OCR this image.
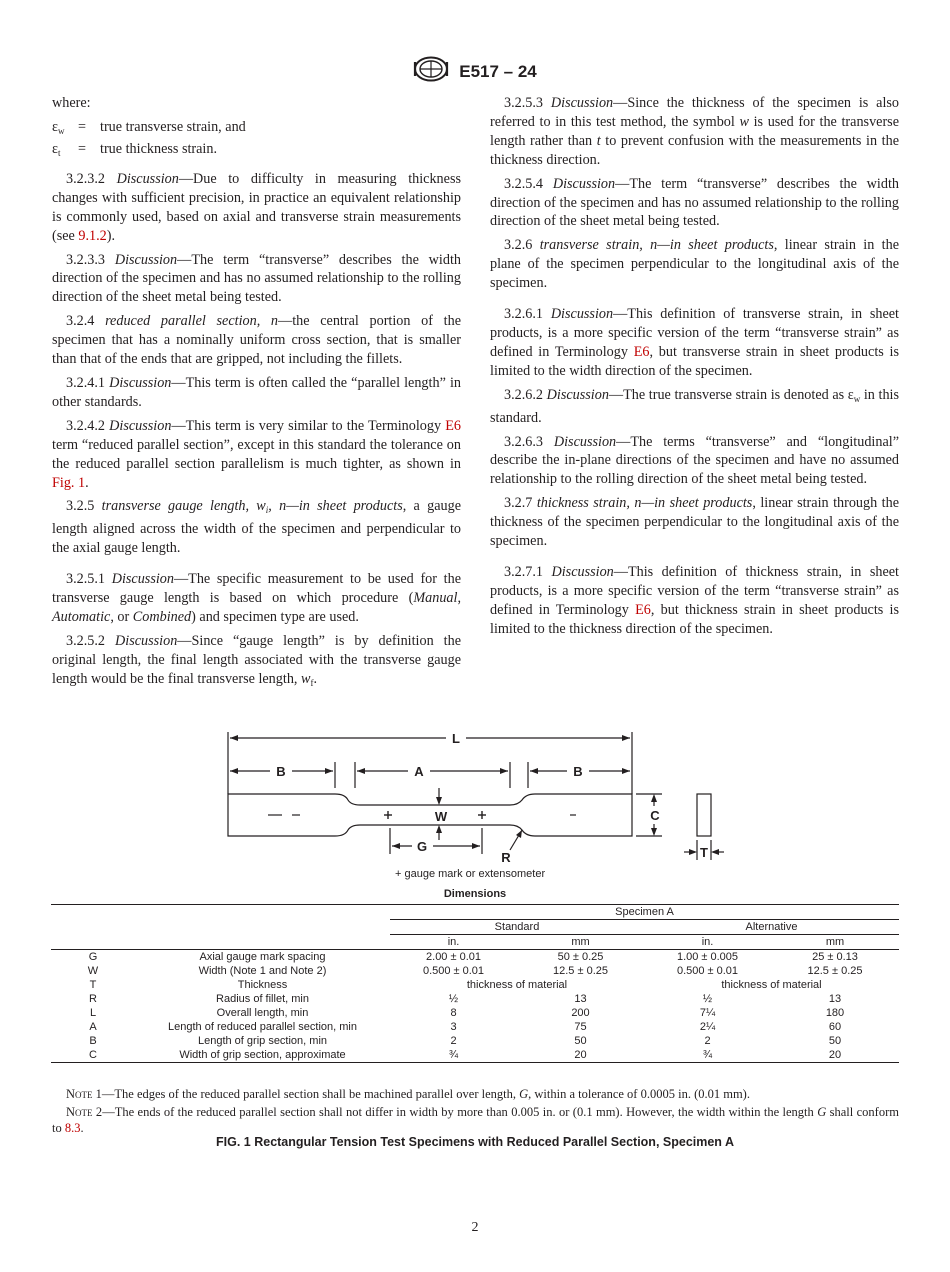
E517 – 24

where:

$\varepsilon_w$ = true transverse strain, and
$\varepsilon_t$	= true thickness strain.

3.2.3.2 Discussion—Due to difficulty in measuring thickness changes with sufficient precision, in practice an equivalent relationship is commonly used, based on axial and transverse strain measurements (see 9.1.2).

3.2.3.3 Discussion—The term “transverse” describes the width direction of the specimen and has no assumed relationship to the rolling direction of the sheet metal being tested.

3.2.4 reduced parallel section, n—the central portion of the specimen that has a nominally uniform cross section, that is smaller than that of the ends that are gripped, not including the fillets.

3.2.4.1 Discussion—This term is often called the “parallel length” in other standards.

3.2.4.2 Discussion—This term is very similar to the Terminology E6 term “reduced parallel section”, except in this standard the tolerance on the reduced parallel section parallelism is much tighter, as shown in Fig. 1.

3.2.5 transverse gauge length, $w_i$, n—in sheet products, a gauge length aligned across the width of the specimen and perpendicular to the axial gauge length.

3.2.5.1 Discussion—The specific measurement to be used for the transverse gauge length is based on which procedure (Manual, Automatic, or Combined) and specimen type are used.

3.2.5.2 Discussion—Since “gauge length” is by definition the original length, the final length associated with the transverse gauge length would be the final transverse length, $w_f$.

3.2.5.3 Discussion—Since the thickness of the specimen is also referred to in this test method, the symbol w is used for the transverse length rather than t to prevent confusion with the measurements in the thickness direction.

3.2.5.4 Discussion—The term “transverse” describes the width direction of the specimen and has no assumed relationship to the rolling direction of the sheet metal being tested.

3.2.6 transverse strain, n—in sheet products, linear strain in the plane of the specimen perpendicular to the longitudinal axis of the specimen.

3.2.6.1 Discussion—This definition of transverse strain, in sheet products, is a more specific version of the term “transverse strain” as defined in Terminology E6, but transverse strain in sheet products is limited to the width direction of the specimen.

3.2.6.2 Discussion—The true transverse strain is denoted as $\varepsilon_w$ in this standard.

3.2.6.3 Discussion—The terms “transverse” and “longitudinal” describe the in-plane directions of the specimen and have no assumed relationship to the rolling direction of the sheet metal being tested.

3.2.7 thickness strain, n—in sheet products, linear strain through the thickness of the specimen perpendicular to the longitudinal axis of the specimen.

3.2.7.1 Discussion—This definition of thickness strain, in sheet products, is a more specific version of the term “transverse strain” as defined in Terminology E6, but thickness strain in sheet products is limited to the thickness direction of the specimen.

L
B	A	B
W
G
R
C
T
+ gauge mark or extensometer
Dimensions
		Specimen A			
		Standard		Alternative	
		in.	mm	in.	mm
G	Axial gauge mark spacing	2.00 ± 0.01	50 ± 0.25	1.00 ± 0.005	25 ± 0.13
W	Width (Note 1 and Note 2)	0.500 ± 0.01	12.5 ± 0.25	0.500 ± 0.01	12.5 ± 0.25
T	Thickness	thickness of material		thickness of material	
R	Radius of fillet, min	½	13	½	13
L	Overall length, min	8	200	7¼	180
A	Length of reduced parallel section, min	3	75	2¼	60
B	Length of grip section, min	2	50	2	50
C	Width of grip section, approximate	¾	20	¾	20
Note 1—The edges of the reduced parallel section shall be machined parallel over length, G, within a tolerance of 0.0005 in. (0.01 mm).
Note 2—The ends of the reduced parallel section shall not differ in width by more than 0.005 in. or (0.1 mm). However, the width within the length G shall conform to 8.3.
FIG. 1 Rectangular Tension Test Specimens with Reduced Parallel Section, Specimen A
2
